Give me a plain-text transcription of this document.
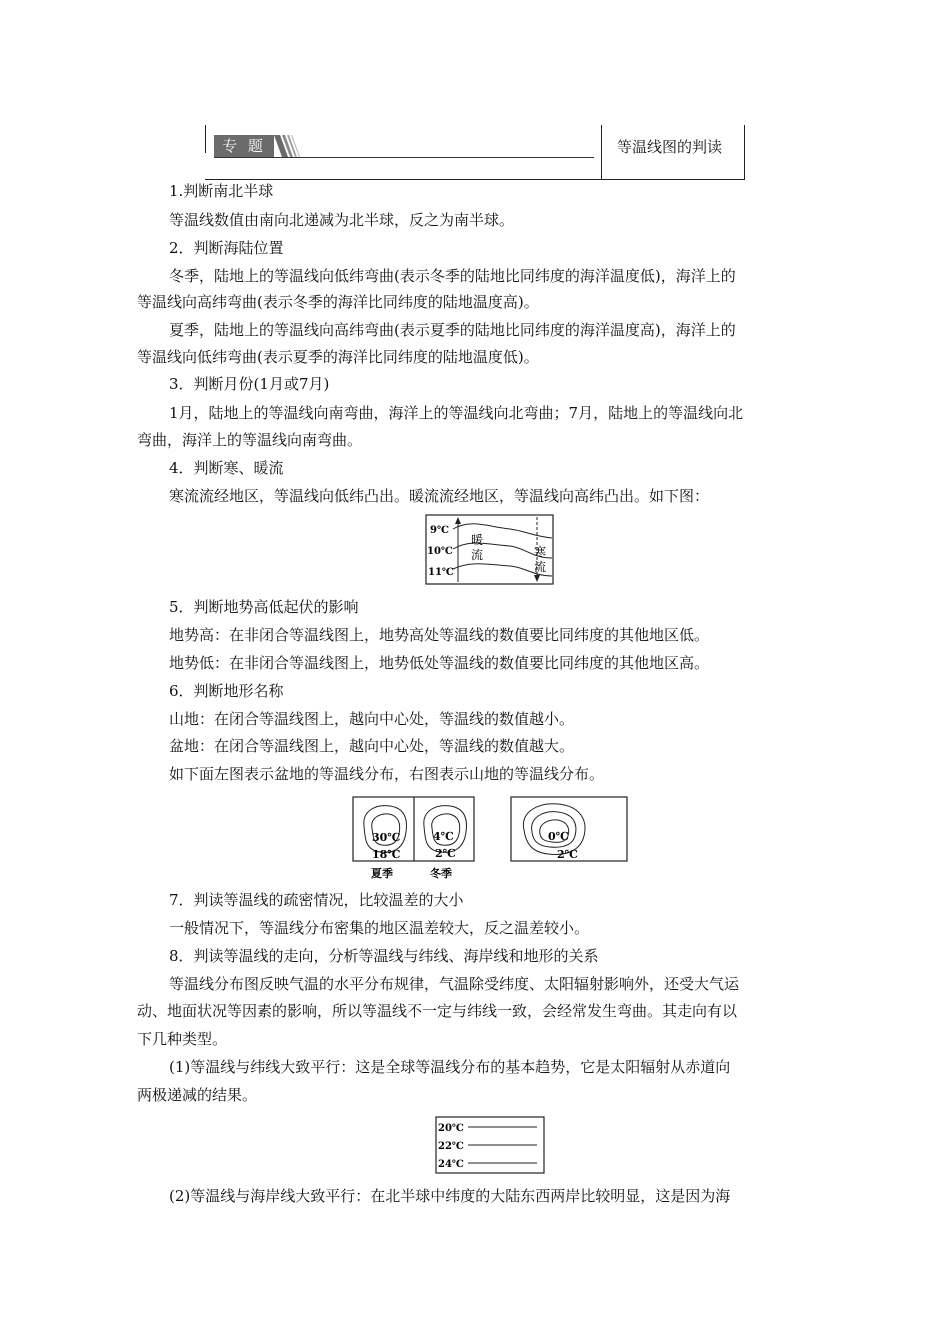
专 题	等温线图的判读
1.判断南北半球
等温线数值由南向北递减为北半球，反之为南半球。
2．判断海陆位置
冬季，陆地上的等温线向低纬弯曲(表示冬季的陆地比同纬度的海洋温度低)，海洋上的
等温线向高纬弯曲(表示冬季的海洋比同纬度的陆地温度高)。
夏季，陆地上的等温线向高纬弯曲(表示夏季的陆地比同纬度的海洋温度高)，海洋上的
等温线向低纬弯曲(表示夏季的海洋比同纬度的陆地温度低)。
3．判断月份(1月或7月)
1月，陆地上的等温线向南弯曲，海洋上的等温线向北弯曲；7月，陆地上的等温线向北
弯曲，海洋上的等温线向南弯曲。
4．判断寒、暖流
寒流流经地区，等温线向低纬凸出。暖流流经地区，等温线向高纬凸出。如下图：
9℃
10℃
11℃
暖
流	寒
流
5．判断地势高低起伏的影响
地势高：在非闭合等温线图上，地势高处等温线的数值要比同纬度的其他地区低。
地势低：在非闭合等温线图上，地势低处等温线的数值要比同纬度的其他地区高。
6．判断地形名称
山地：在闭合等温线图上，越向中心处，等温线的数值越小。
盆地：在闭合等温线图上，越向中心处，等温线的数值越大。
如下面左图表示盆地的等温线分布，右图表示山地的等温线分布。
30℃
18℃
4℃
2℃
夏季	冬季
0℃
2℃
7．判读等温线的疏密情况，比较温差的大小
一般情况下，等温线分布密集的地区温差较大，反之温差较小。
8．判读等温线的走向，分析等温线与纬线、海岸线和地形的关系
等温线分布图反映气温的水平分布规律，气温除受纬度、太阳辐射影响外，还受大气运
动、地面状况等因素的影响，所以等温线不一定与纬线一致，会经常发生弯曲。其走向有以
下几种类型。
(1)等温线与纬线大致平行：这是全球等温线分布的基本趋势，它是太阳辐射从赤道向
两极递减的结果。
20℃
22℃
24℃
(2)等温线与海岸线大致平行：在北半球中纬度的大陆东西两岸比较明显，这是因为海
